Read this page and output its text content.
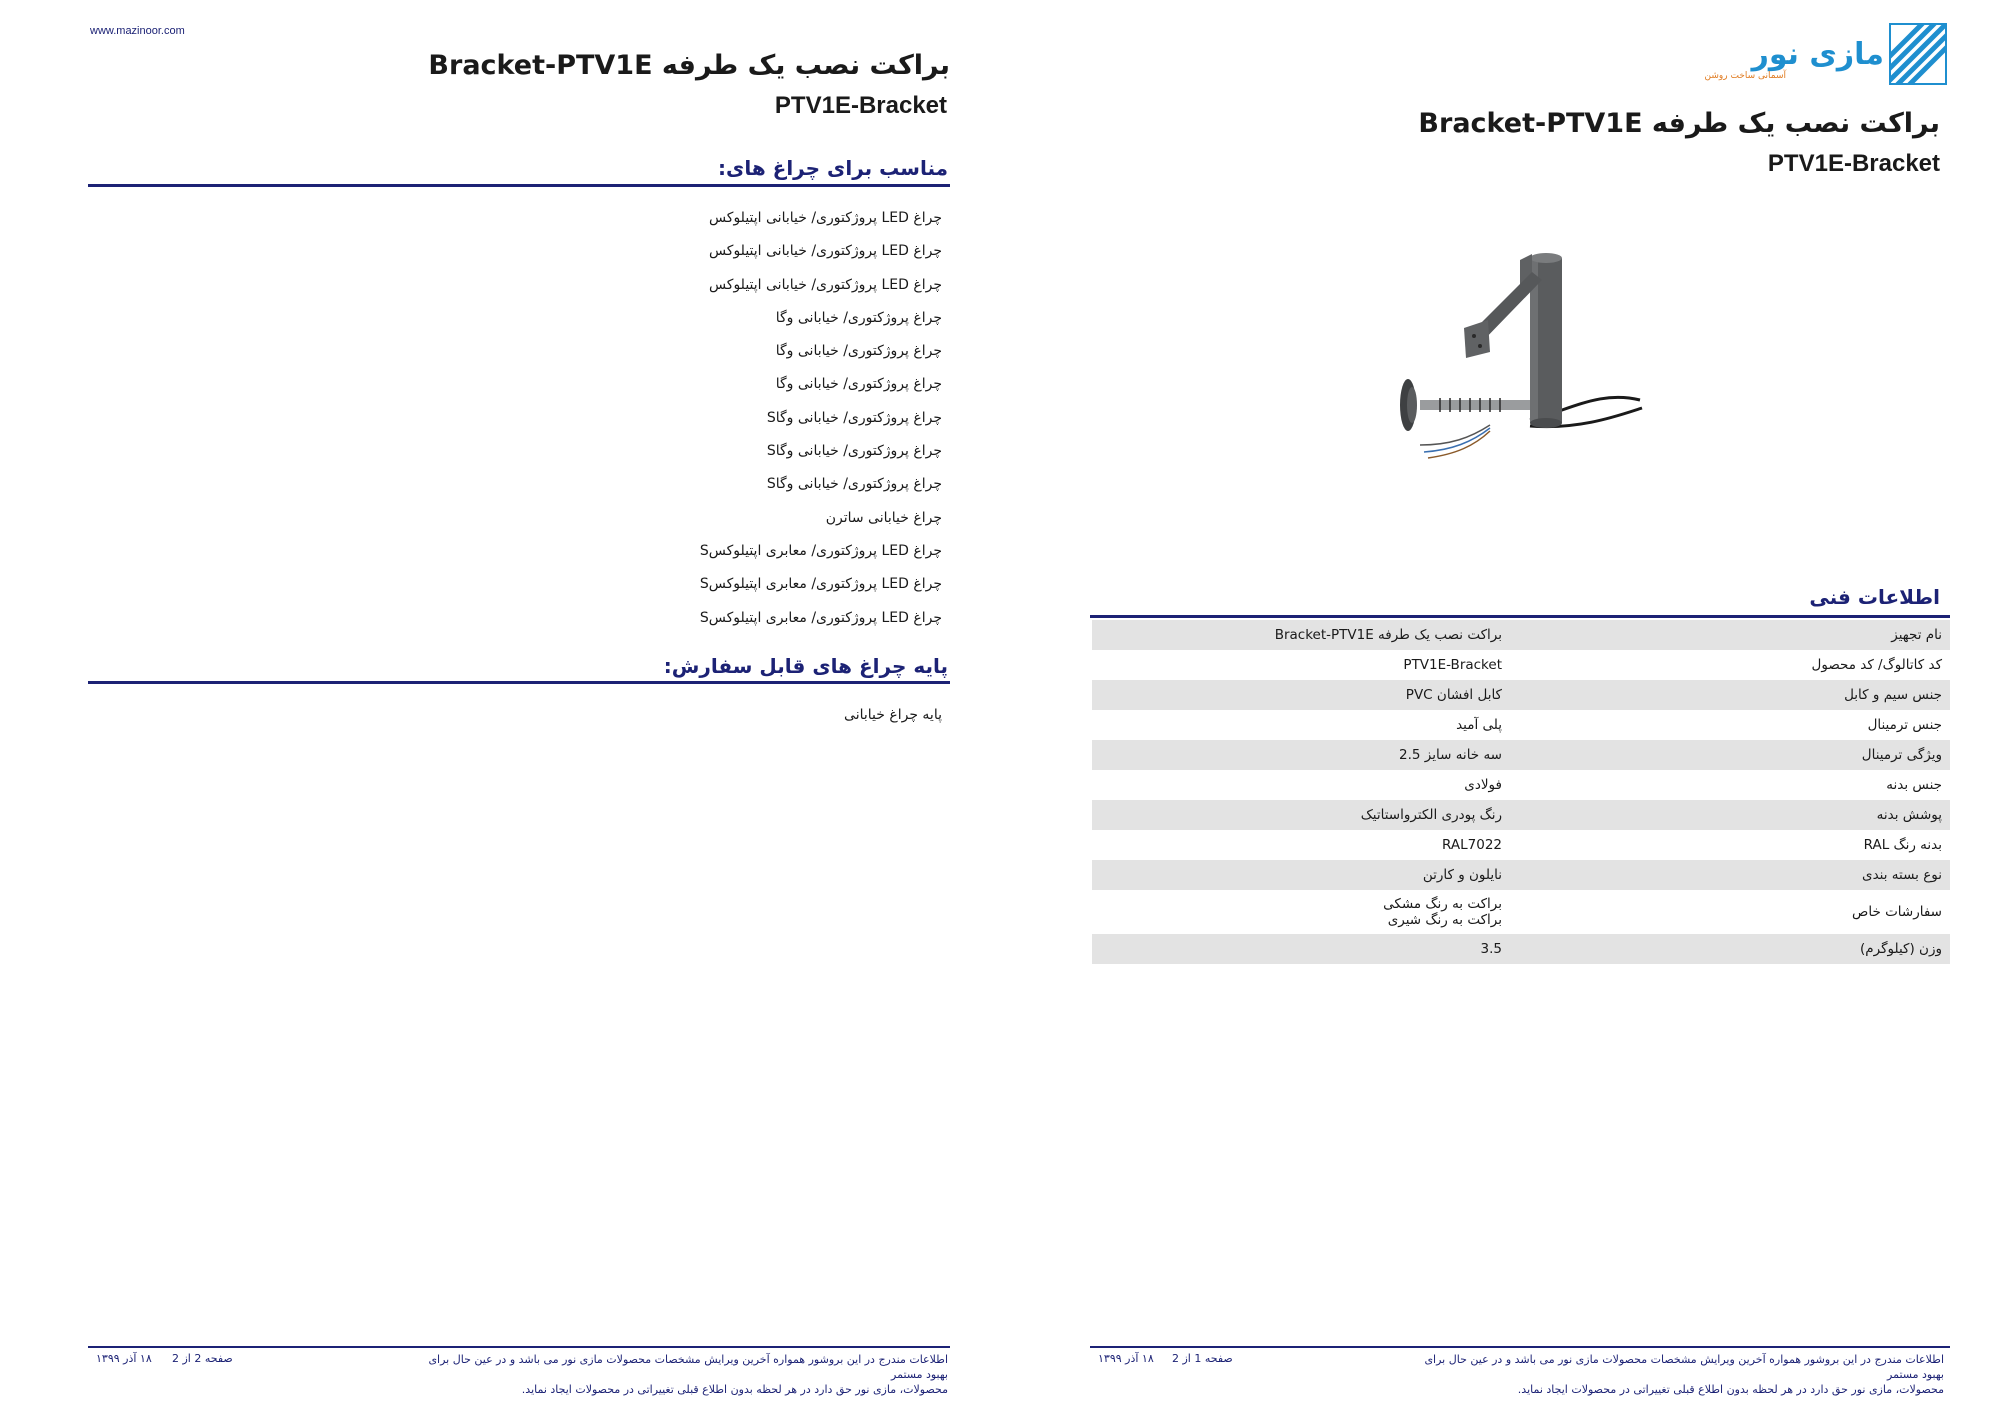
www.mazinoor.com
براکت نصب یک طرفه Bracket-PTV1E
PTV1E-Bracket
مناسب برای چراغ های:
چراغ LED پروژکتوری/ خیابانی اپتیلوکس
چراغ LED پروژکتوری/ خیابانی اپتیلوکس
چراغ LED پروژکتوری/ خیابانی اپتیلوکس
چراغ پروژکتوری/ خیابانی وگا
چراغ پروژکتوری/ خیابانی وگا
چراغ پروژکتوری/ خیابانی وگا
چراغ پروژکتوری/ خیابانی وگاS
چراغ پروژکتوری/ خیابانی وگاS
چراغ پروژکتوری/ خیابانی وگاS
چراغ خیابانی ساترن
چراغ LED پروژکتوری/ معابری اپتیلوکسS
چراغ LED پروژکتوری/ معابری اپتیلوکسS
چراغ LED پروژکتوری/ معابری اپتیلوکسS
پایه چراغ های قابل سفارش:
پایه چراغ خیابانی
اطلاعات مندرج در این بروشور همواره آخرین ویرایش مشخصات محصولات مازی نور می باشد و در عین حال برای بهبود مستمر
محصولات، مازی نور حق دارد در هر لحظه بدون اطلاع قبلی تغییراتی در محصولات ایجاد نماید.
صفحه 2 از 2
۱۸ آذر ۱۳۹۹
مازی نور
آسمانی ساخت روشن
براکت نصب یک طرفه Bracket-PTV1E
PTV1E-Bracket
اطلاعات فنی
نام تجهیز	براکت نصب یک طرفه Bracket-PTV1E

کد کاتالوگ/ کد محصول	PTV1E-Bracket

جنس سیم و کابل	کابل افشان PVC

جنس ترمینال	پلی آمید

ویژگی ترمینال	سه خانه سایز 2.5

جنس بدنه	فولادی

پوشش بدنه	رنگ پودری الکترواستاتیک

بدنه رنگ RAL	RAL7022

نوع بسته بندی	نایلون و کارتن

سفارشات خاص	براکت به رنگ مشکی
براکت به رنگ شیری

وزن (کیلوگرم)	3.5
اطلاعات مندرج در این بروشور همواره آخرین ویرایش مشخصات محصولات مازی نور می باشد و در عین حال برای بهبود مستمر
محصولات، مازی نور حق دارد در هر لحظه بدون اطلاع قبلی تغییراتی در محصولات ایجاد نماید.
صفحه 1 از 2
۱۸ آذر ۱۳۹۹
